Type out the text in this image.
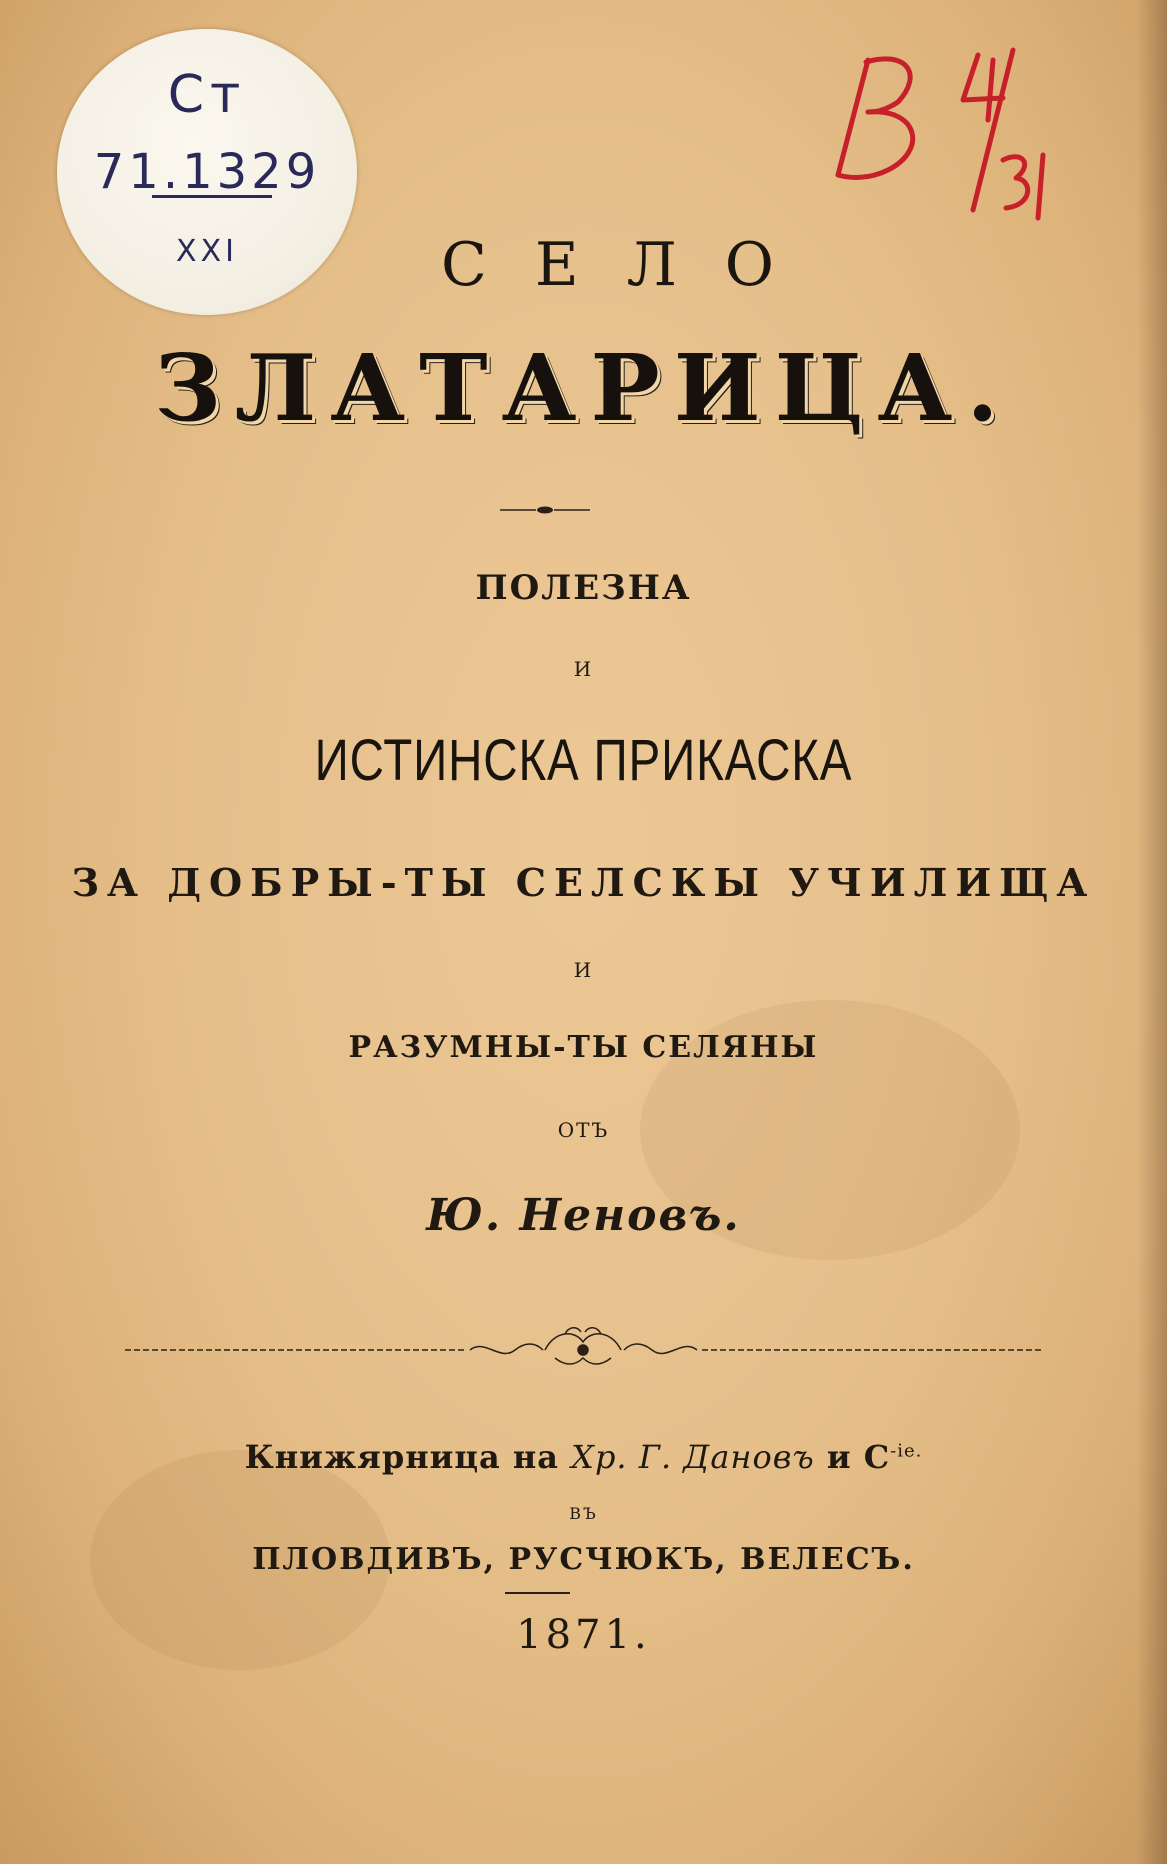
Ст
71.1329
XXI	СЕЛО
ЗЛАТАРИЦА.
ПОЛЕЗНА
И
ИСТИНСКА ПРИКАСКА
ЗА ДОБРЫ-ТЫ СЕЛСКЫ УЧИЛИЩА
И
РАЗУМНЫ-ТЫ СЕЛЯНЫ
ОТЪ
Ю. Неновъ.
Книжярница на Хр. Г. Дановъ и $С^{-ie.}$
ВЪ
ПЛОВДИВЪ, РУСЧЮКЪ, ВЕЛЕСЪ.
1871.
